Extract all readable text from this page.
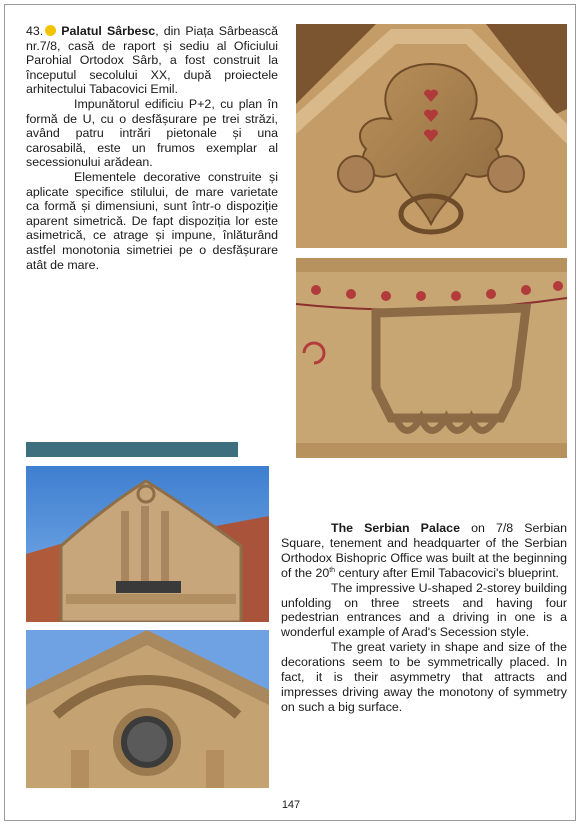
43. Palatul Sârbesc, din Piața Sârbească nr.7/8, casă de raport și sediu al Oficiului Parohial Ortodox Sârb, a fost construit la începutul secolului XX, după proiectele arhitectului Tabacovici Emil.

Impunătorul edificiu P+2, cu plan în formă de U, cu o desfășurare pe trei străzi, având patru intrări pietonale și una carosabilă, este un frumos exemplar al secessionului arădean.

Elementele decorative construite și aplicate specifice stilului, de mare varietate ca formă și dimensiuni, sunt într-o dispoziție aparent simetrică. De fapt dispoziția lor este asimetrică, ce atrage și impune, înlăturând astfel monotonia simetriei pe o desfășurare atât de mare.

The Serbian Palace on 7/8 Serbian Square, tenement and headquarter of the Serbian Orthodox Bishopric Office was built at the beginning of the 20th century after Emil Tabacovici's blueprint.

The impressive U-shaped 2-storey building unfolding on three streets and having four pedestrian entrances and a driving in one is a wonderful example of Arad's Secession style.

The great variety in shape and size of the decorations seem to be symmetrically placed. In fact, it is their asymmetry that attracts and impresses driving away the monotony of symmetry on such a big surface.

147
